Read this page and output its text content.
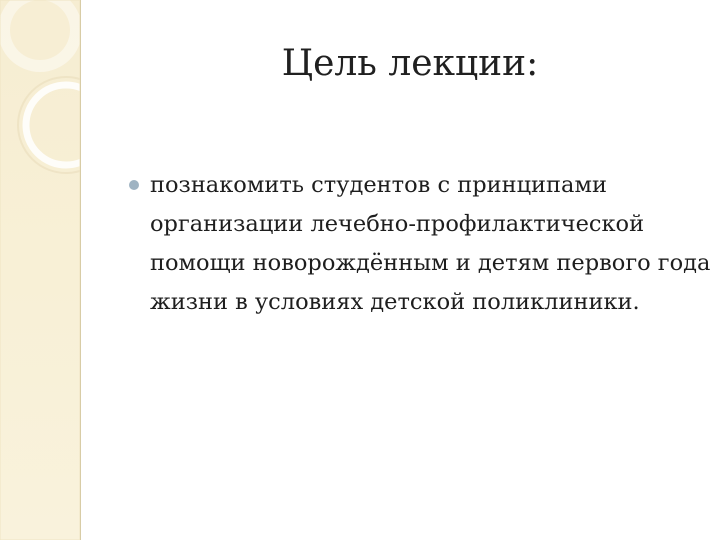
Цель лекции:
познакомить студентов с принципами организации лечебно-профилактической помощи новорождённым и детям первого года жизни в условиях детской поликлиники.
